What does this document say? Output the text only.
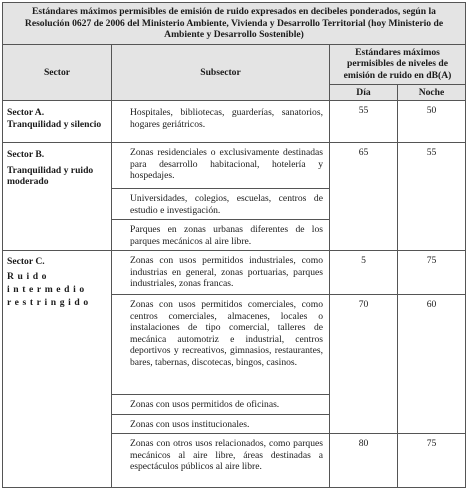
Estándares máximos permisibles de emisión de ruido expresados en decibeles ponderados, según la Resolución 0627 de 2006 del Ministerio Ambiente, Vivienda y Desarrollo Territorial (hoy Ministerio de Ambiente y Desarrollo Sostenible)			
Sector	Subsector	Estándares máximos permisibles de niveles de emisión de ruido en dB(A)	
		Día	Noche

Sector A.
Tranquilidad y silencio	Hospitales, bibliotecas, guarderías, sanatorios, hogares geriátricos.	55	50

Sector B.
Tranquilidad y ruido moderado	Zonas residenciales o exclusivamente destinadas para desarrollo habitacional, hotelería y hospedajes.	65	55
	Universidades, colegios, escuelas, centros de estudio e investigación.		
	Parques en zonas urbanas diferentes de los parques mecánicos al aire libre.		

Sector C.
Ruido intermedio restringido	Zonas con usos permitidos industriales, como industrias en general, zonas portuarias, parques industriales, zonas francas.	5	75
	Zonas con usos permitidos comerciales, como centros comerciales, almacenes, locales o instalaciones de tipo comercial, talleres de mecánica automotriz e industrial, centros deportivos y recreativos, gimnasios, restaurantes, bares, tabernas, discotecas, bingos, casinos.	70	60
	Zonas con usos permitidos de oficinas.		
	Zonas con usos institucionales.		
	Zonas con otros usos relacionados, como parques mecánicos al aire libre, áreas destinadas a espectáculos públicos al aire libre.	80	75
